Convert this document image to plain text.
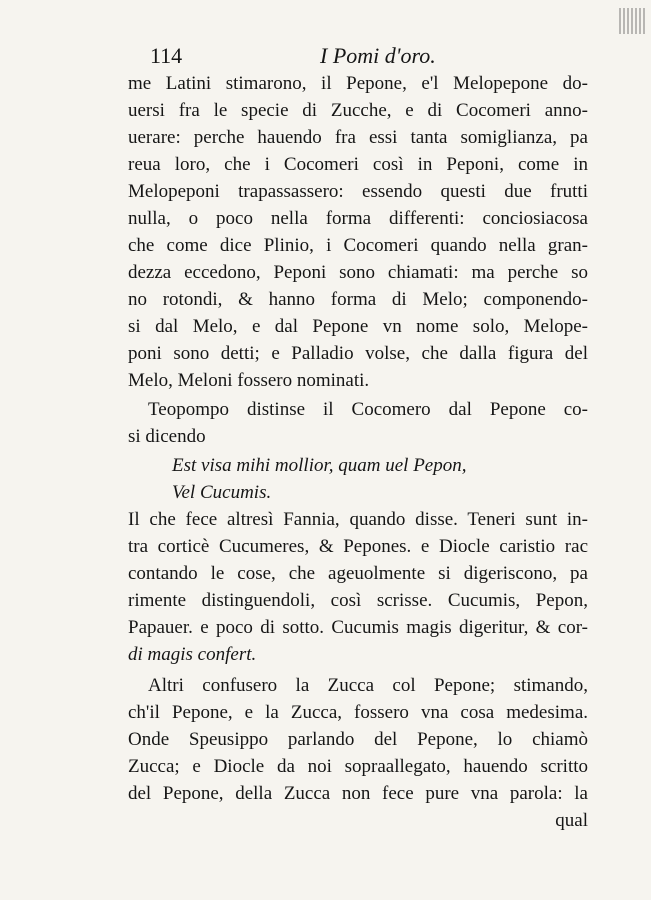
114	I Pomi d'oro.
me Latini stimarono, il Pepone, e'l Melopepone do-
uersi fra le specie di Zucche, e di Cocomeri anno-
uerare: perche hauendo fra essi tanta somiglianza, pa
reua loro, che i Cocomeri così in Peponi, come in
Melopeponi trapassassero: essendo questi due frutti
nulla, o poco nella forma differenti: conciosiacosa
che come dice Plinio, i Cocomeri quando nella gran-
dezza eccedono, Peponi sono chiamati: ma perche so
no rotondi, & hanno forma di Melo; componendo-
si dal Melo, e dal Pepone vn nome solo, Melope-
poni sono detti; e Palladio volse, che dalla figura del
Melo, Meloni fossero nominati.
Teopompo distinse il Cocomero dal Pepone co-
si dicendo
Est visa mihi mollior, quam uel Pepon,
Vel Cucumis.
Il che fece altresì Fannia, quando disse. Teneri sunt in-
tra corticè Cucumeres, & Pepones. e Diocle caristio rac
contando le cose, che ageuolmente si digeriscono, pa
rimente distinguendoli, così scrisse. Cucumis, Pepon,
Papauer. e poco di sotto. Cucumis magis digeritur, & cor-
di magis confert.
Altri confusero la Zucca col Pepone; stimando,
ch'il Pepone, e la Zucca, fossero vna cosa medesima.
Onde Speusippo parlando del Pepone, lo chiamò
Zucca; e Diocle da noi sopraallegato, hauendo scritto
del Pepone, della Zucca non fece pure vna parola: la
qual
